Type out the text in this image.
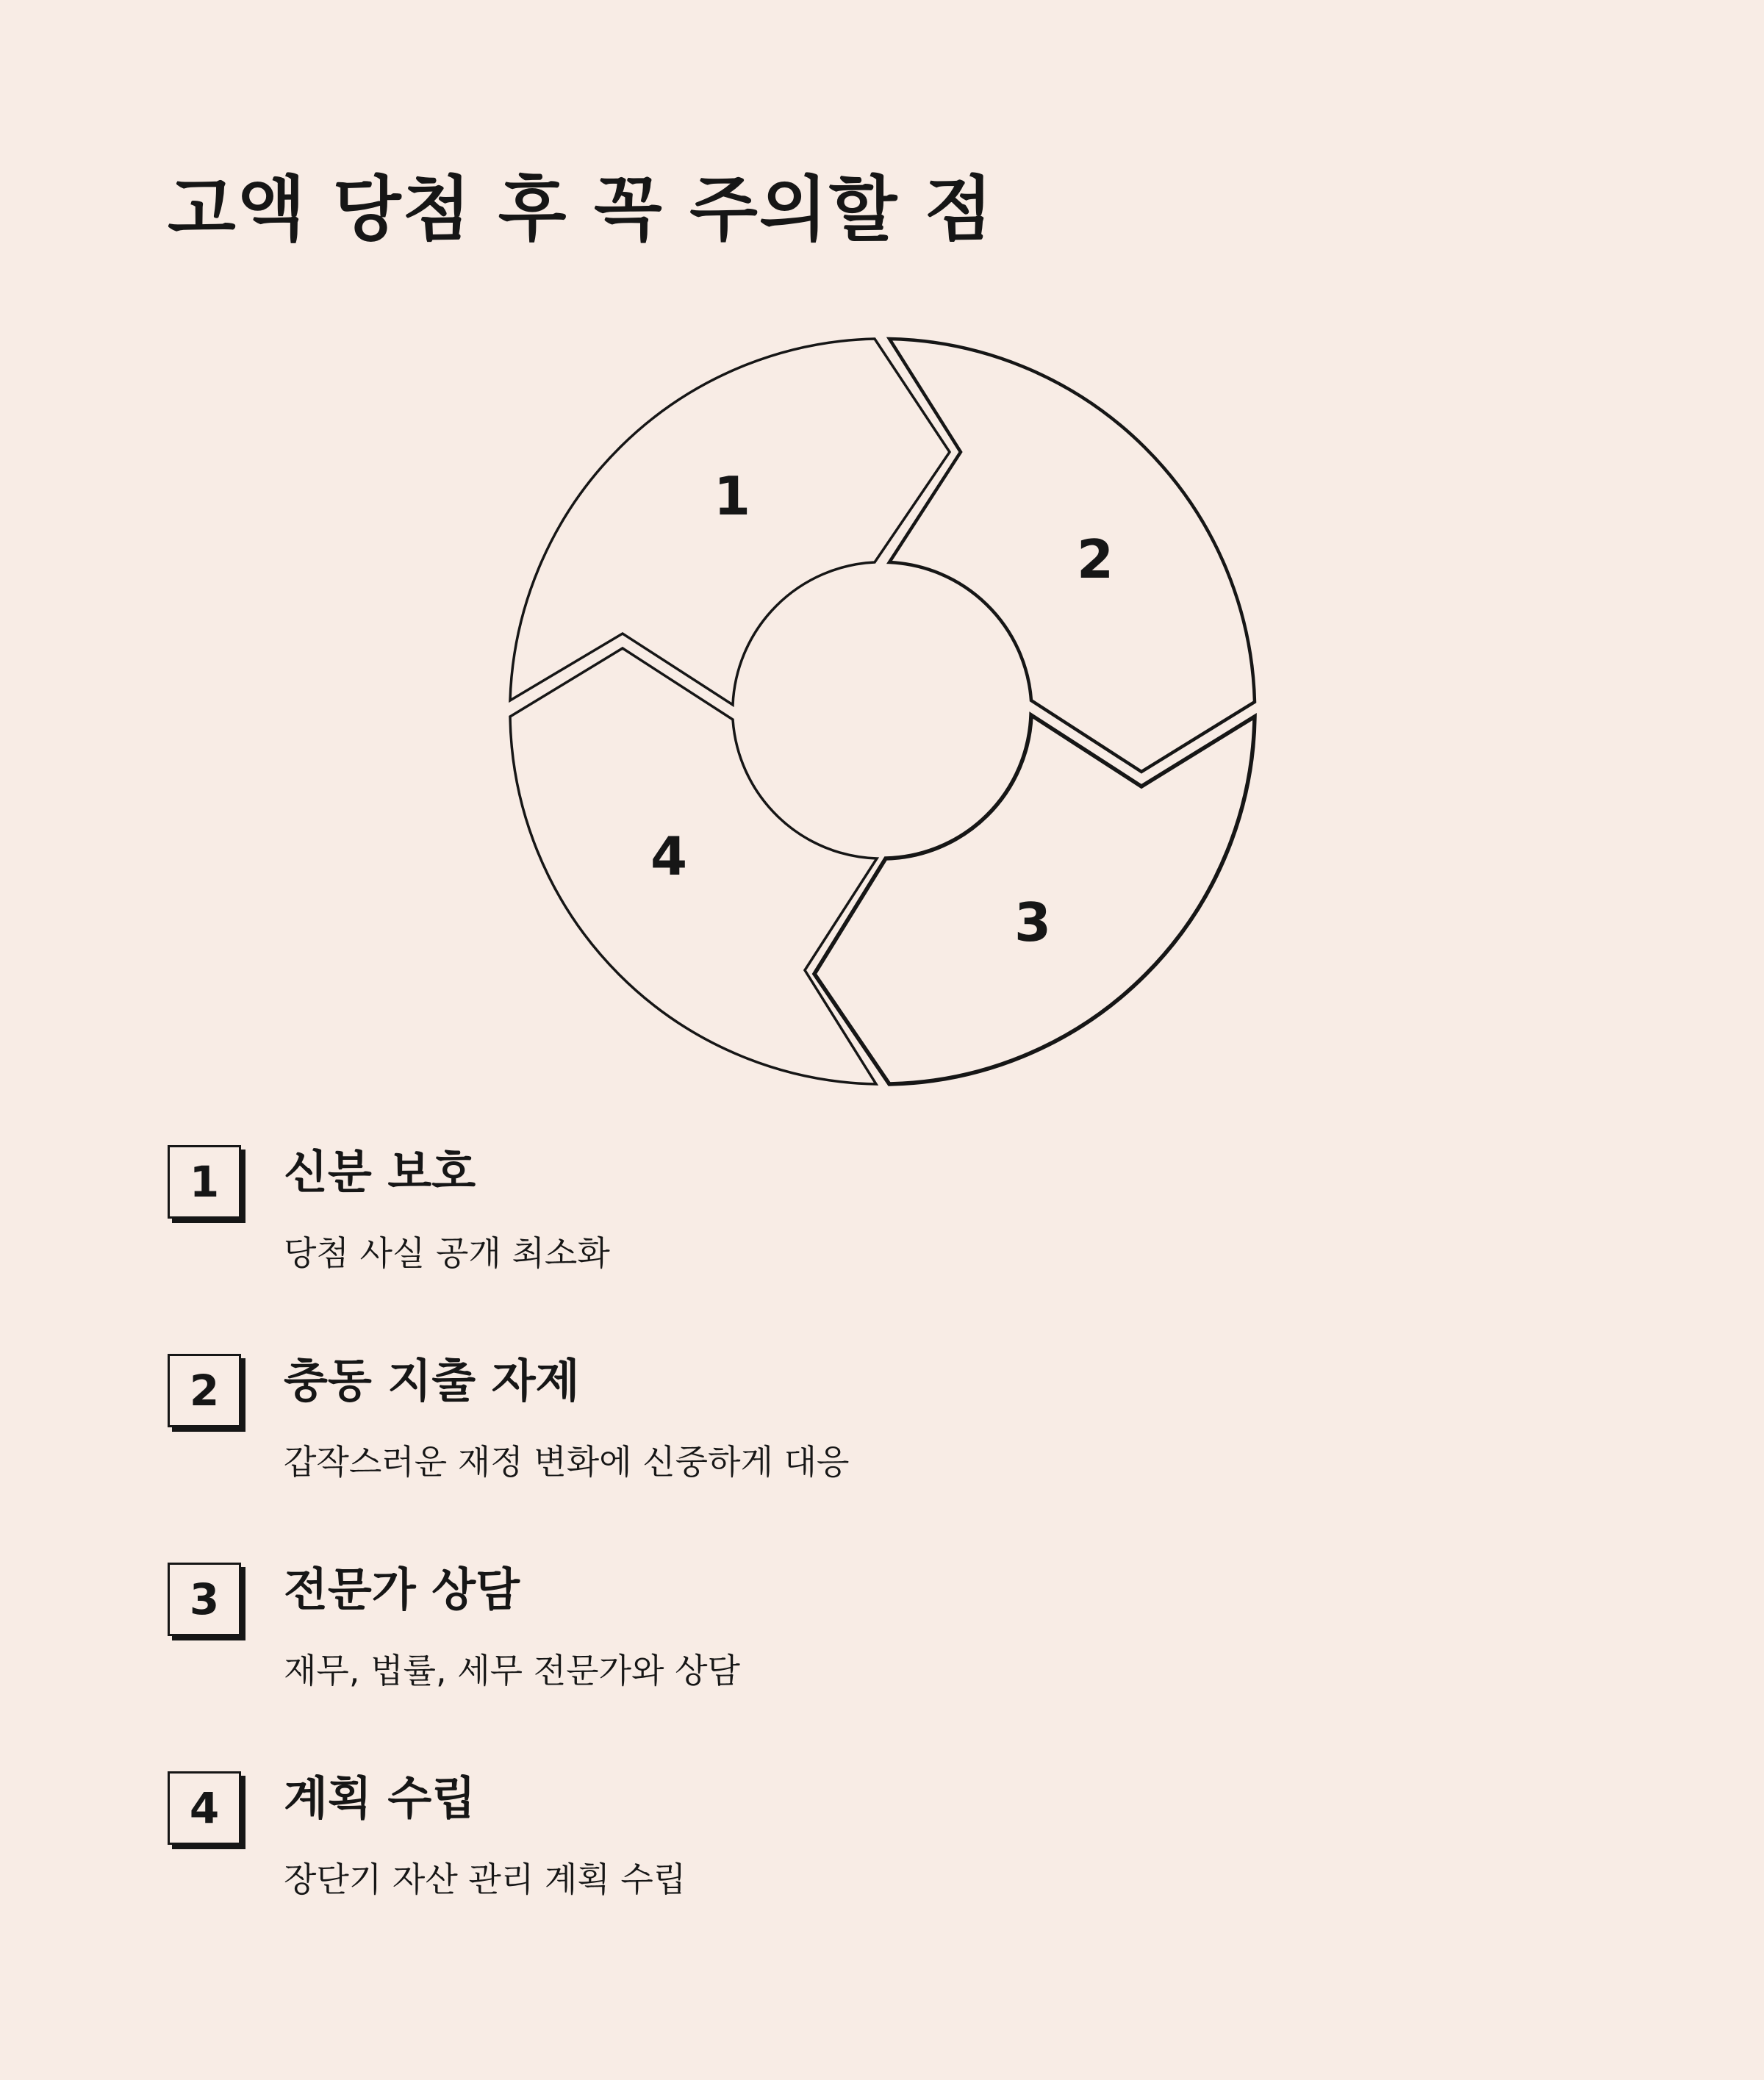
고액 당첨 후 꼭 주의할 점
1
2
3
4
1	신분 보호
당첨 사실 공개 최소화
2	충동 지출 자제
갑작스러운 재정 변화에 신중하게 대응
3	전문가 상담
재무, 법률, 세무 전문가와 상담
4	계획 수립
장단기 자산 관리 계획 수립
